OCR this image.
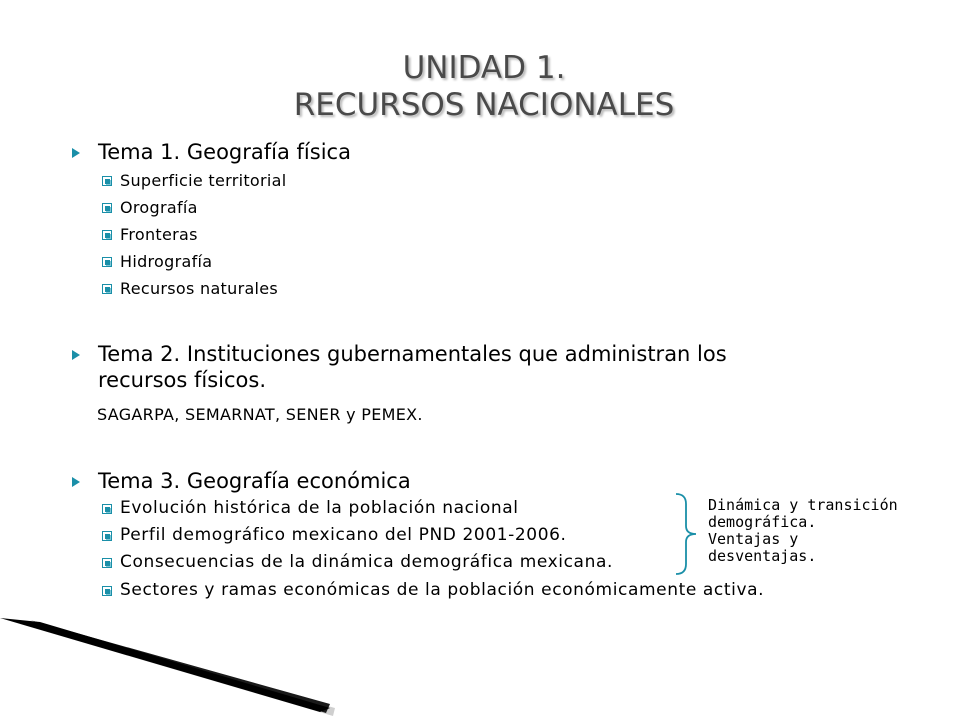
UNIDAD 1.
RECURSOS NACIONALES
Tema 1. Geografía física
Superficie territorial
Orografía
Fronteras
Hidrografía
Recursos naturales
Tema 2. Instituciones gubernamentales que administran los
recursos físicos.
SAGARPA, SEMARNAT, SENER y PEMEX.
Tema 3. Geografía económica
Evolución histórica de la población nacional
Perfil demográfico mexicano del PND 2001-2006.
Consecuencias de la dinámica demográfica mexicana.
Sectores y ramas económicas de la población económicamente activa.
Dinámica y transición
demográfica.
Ventajas y
desventajas.
